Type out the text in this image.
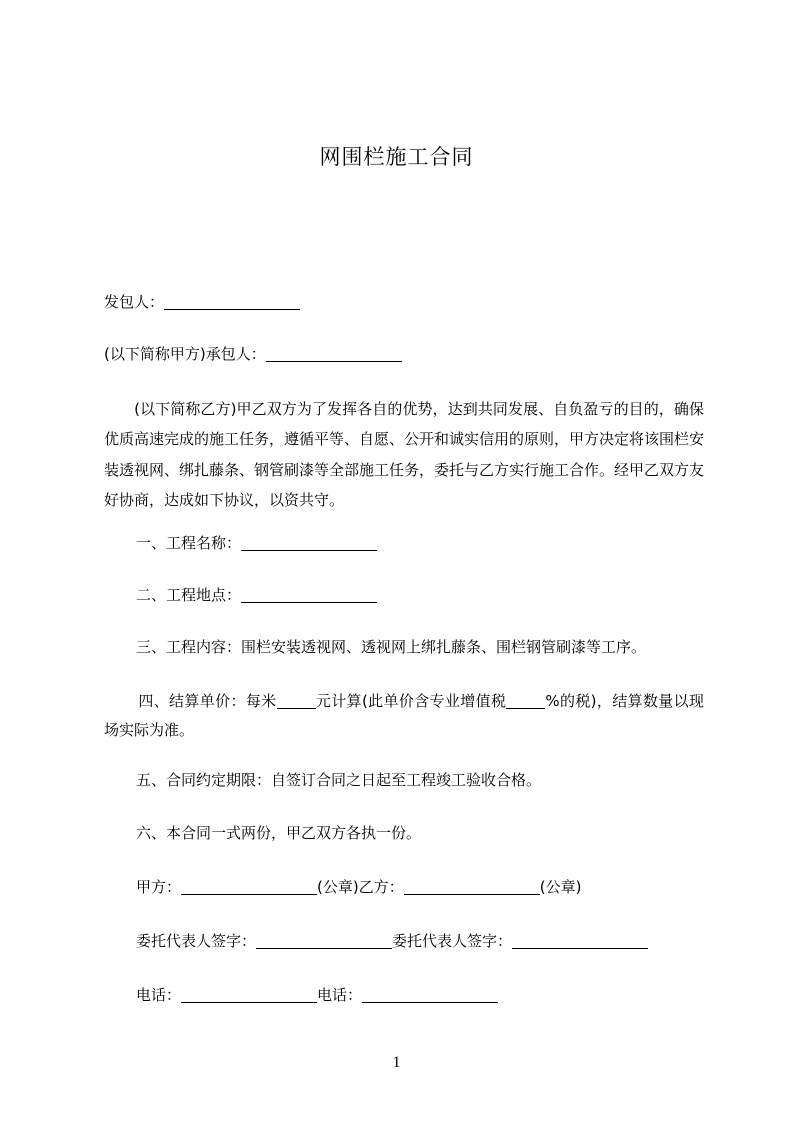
网围栏施工合同
发包人：
(以下简称甲方)承包人：
　　(以下简称乙方)甲乙双方为了发挥各自的优势，达到共同发展、自负盈亏的目的，确保优质高速完成的施工任务，遵循平等、自愿、公开和诚实信用的原则，甲方决定将该围栏安装透视网、绑扎藤条、钢管刷漆等全部施工任务，委托与乙方实行施工合作。经甲乙双方友好协商，达成如下协议，以资共守。
一、工程名称：
二、工程地点：
三、工程内容：围栏安装透视网、透视网上绑扎藤条、围栏钢管刷漆等工序。
四、结算单价：每米	元计算(此单价含专业增值税	%的税)，结算数量以现场实际为准。
五、合同约定期限：自签订合同之日起至工程竣工验收合格。
六、本合同一式两份，甲乙双方各执一份。
甲方：	(公章)乙方：	(公章)
委托代表人签字：	委托代表人签字：
电话：	电话：
1
